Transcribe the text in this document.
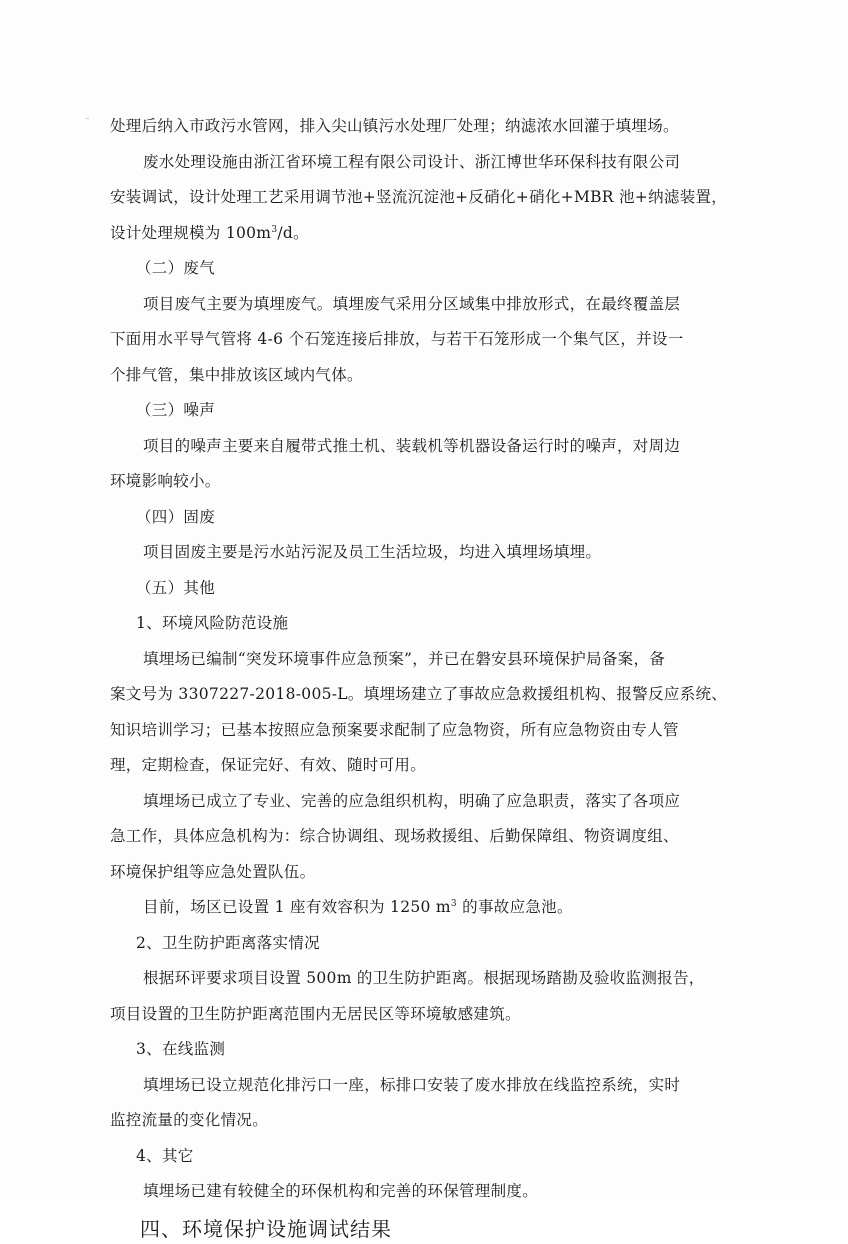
处理后纳入市政污水管网，排入尖山镇污水处理厂处理；纳滤浓水回灌于填埋场。

废水处理设施由浙江省环境工程有限公司设计、浙江博世华环保科技有限公司

安装调试，设计处理工艺采用调节池+竖流沉淀池+反硝化+硝化+MBR 池+纳滤装置，

设计处理规模为 $100m^3/d$。

（二）废气

项目废气主要为填埋废气。填埋废气采用分区域集中排放形式，在最终覆盖层

下面用水平导气管将 4-6 个石笼连接后排放，与若干石笼形成一个集气区，并设一

个排气管，集中排放该区域内气体。

（三）噪声

项目的噪声主要来自履带式推土机、装载机等机器设备运行时的噪声，对周边

环境影响较小。

（四）固废

项目固废主要是污水站污泥及员工生活垃圾，均进入填埋场填埋。

（五）其他

1、环境风险防范设施

填埋场已编制“突发环境事件应急预案”，并已在磐安县环境保护局备案，备

案文号为 3307227-2018-005-L。填埋场建立了事故应急救援组机构、报警反应系统、

知识培训学习；已基本按照应急预案要求配制了应急物资，所有应急物资由专人管

理，定期检查，保证完好、有效、随时可用。

填埋场已成立了专业、完善的应急组织机构，明确了应急职责，落实了各项应

急工作，具体应急机构为：综合协调组、现场救援组、后勤保障组、物资调度组、

环境保护组等应急处置队伍。

目前，场区已设置 1 座有效容积为 1250 $m^3$ 的事故应急池。

2、卫生防护距离落实情况

根据环评要求项目设置 500m 的卫生防护距离。根据现场踏勘及验收监测报告，

项目设置的卫生防护距离范围内无居民区等环境敏感建筑。

3、在线监测

填埋场已设立规范化排污口一座，标排口安装了废水排放在线监控系统，实时

监控流量的变化情况。

4、其它

填埋场已建有较健全的环保机构和完善的环保管理制度。

四、环境保护设施调试结果
